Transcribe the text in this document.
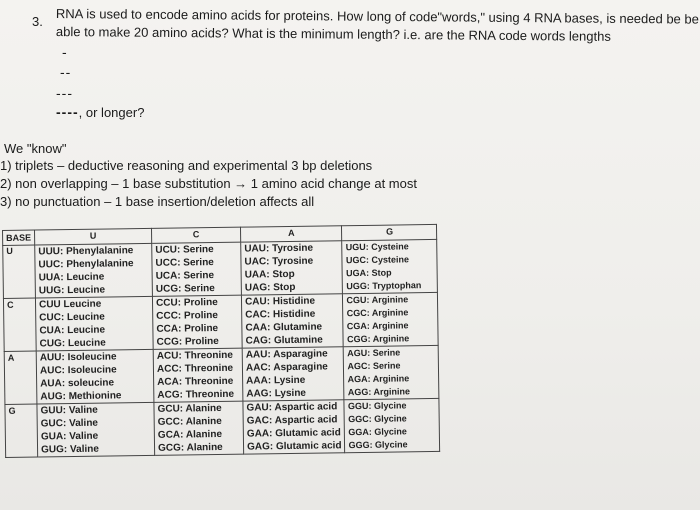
3. RNA is used to encode amino acids for proteins. How long of code"words," using 4 RNA bases, is needed be be
able to make 20 amino acids? What is the minimum length? i.e. are the RNA code words lengths
-
--
---
----, or longer?
We "know"
1) triplets – deductive reasoning and experimental 3 bp deletions
2) non overlapping – 1 base substitution → 1 amino acid change at most
3) no punctuation – 1 base insertion/deletion affects all
	U	C	A	G

BASE
U	UUU: Phenylalanine
UUC: Phenylalanine
UUA: Leucine
UUG: Leucine	UCU: Serine
UCC: Serine
UCA: Serine
UCG: Serine	UAU: Tyrosine
UAC: Tyrosine
UAA: Stop
UAG: Stop	UGU: Cysteine
UGC: Cysteine
UGA: Stop
UGG: Tryptophan

C	CUU Leucine
CUC: Leucine
CUA: Leucine
CUG: Leucine	CCU: Proline
CCC: Proline
CCA: Proline
CCG: Proline	CAU: Histidine
CAC: Histidine
CAA: Glutamine
CAG: Glutamine	CGU: Arginine
CGC: Arginine
CGA: Arginine
CGG: Arginine

A	AUU: Isoleucine
AUC: Isoleucine
AUA: soleucine
AUG: Methionine	ACU: Threonine
ACC: Threonine
ACA: Threonine
ACG: Threonine	AAU: Asparagine
AAC: Asparagine
AAA: Lysine
AAG: Lysine	AGU: Serine
AGC: Serine
AGA: Arginine
AGG: Arginine

G	GUU: Valine
GUC: Valine
GUA: Valine
GUG: Valine	GCU: Alanine
GCC: Alanine
GCA: Alanine
GCG: Alanine	GAU: Aspartic acid
GAC: Aspartic acid
GAA: Glutamic acid
GAG: Glutamic acid	GGU: Glycine
GGC: Glycine
GGA: Glycine
GGG: Glycine
